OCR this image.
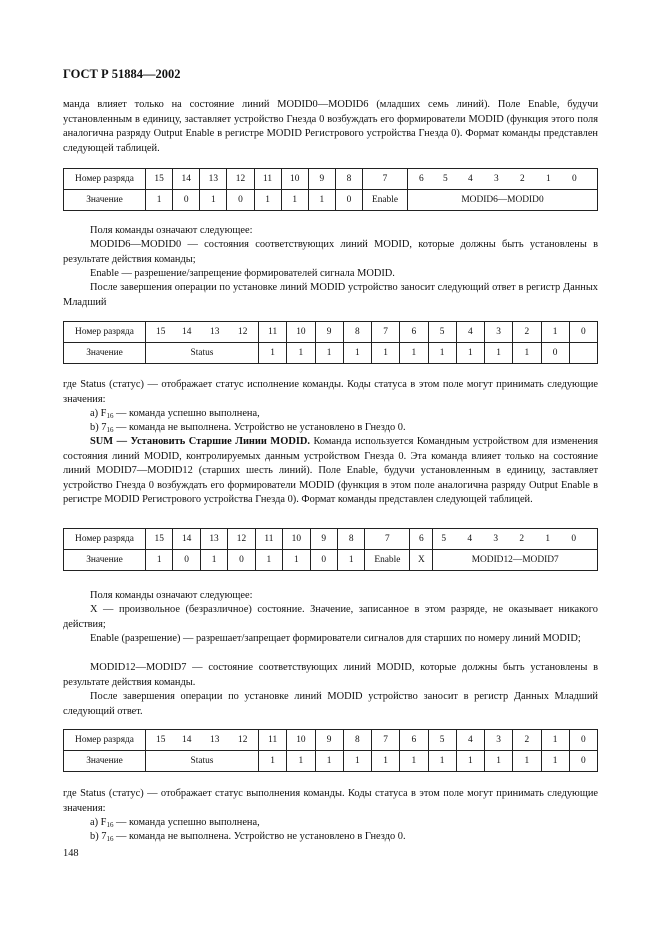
ГОСТ Р 51884—2002

манда влияет только на состояние линий MODID0—MODID6 (младших семь линий). Поле Enable, будучи установленным в единицу, заставляет устройство Гнезда 0 возбуждать его формирователи MODID (функция этого поля аналогична разряду Output Enable в регистре MODID Регистрового устройства Гнезда 0). Формат команды представлен следующей таблицей.

Номер разряда	15	14	13	12	11	10	9	8	7	6 5 4 3 2 1 0
Значение	1	0	1	0	1	1	1	0	Enable	MODID6—MODID0

Поля команды означают следующее:

MODID6—MODID0 — состояния соответствующих линий MODID, которые должны быть установлены в результате действия команды;

Enable — разрешение/запрещение формирователей сигнала MODID.

После завершения операции по установке линий MODID устройство заносит следующий ответ в регистр Данных Младший

Номер разряда	15 14 13 12	11	10	9	8	7	6	5	4	3	2	1	0
Значение	Status	1	1	1	1	1	1	1	1	1	1	0	

где Status (статус) — отображает статус исполнение команды. Коды статуса в этом поле могут принимать следующие значения:

a) $F_{16}$ — команда успешно выполнена,

b) $7_{16}$ — команда не выполнена. Устройство не установлено в Гнездо 0.

SUM — Установить Старшие Линии MODID. Команда используется Командным устройством для изменения состояния линий MODID, контролируемых данным устройством Гнезда 0. Эта команда влияет только на состояние линий MODID7—MODID12 (старших шесть линий). Поле Enable, будучи установленным в единицу, заставляет устройство Гнезда 0 возбуждать его формирователи MODID (функция в этом поле аналогична разряду Output Enable в регистре MODID Регистрового устройства Гнезда 0). Формат команды представлен следующей таблицей.

Номер разряда	15	14	13	12	11	10	9	8	7	6	5 4 3 2 1 0
Значение	1	0	1	0	1	1	0	1	Enable	X	MODID12—MODID7

Поля команды означают следующее:

X — произвольное (безразличное) состояние. Значение, записанное в этом разряде, не оказывает никакого действия;

Enable (разрешение) — разрешает/запрещает формирователи сигналов для старших по номеру линий MODID;

MODID12—MODID7 — состояние соответствующих линий MODID, которые должны быть установлены в результате действия команды.

После завершения операции по установке линий MODID устройство заносит в регистр Данных Младший следующий ответ.

Номер разряда	15 14 13 12	11	10	9	8	7	6	5	4	3	2	1	0
Значение	Status	1	1	1	1	1	1	1	1	1	1	1	0

где Status (статус) — отображает статус выполнения команды. Коды статуса в этом поле могут принимать следующие значения:

a) $F_{16}$ — команда успешно выполнена,

b) $7_{16}$ — команда не выполнена. Устройство не установлено в Гнездо 0.

148
